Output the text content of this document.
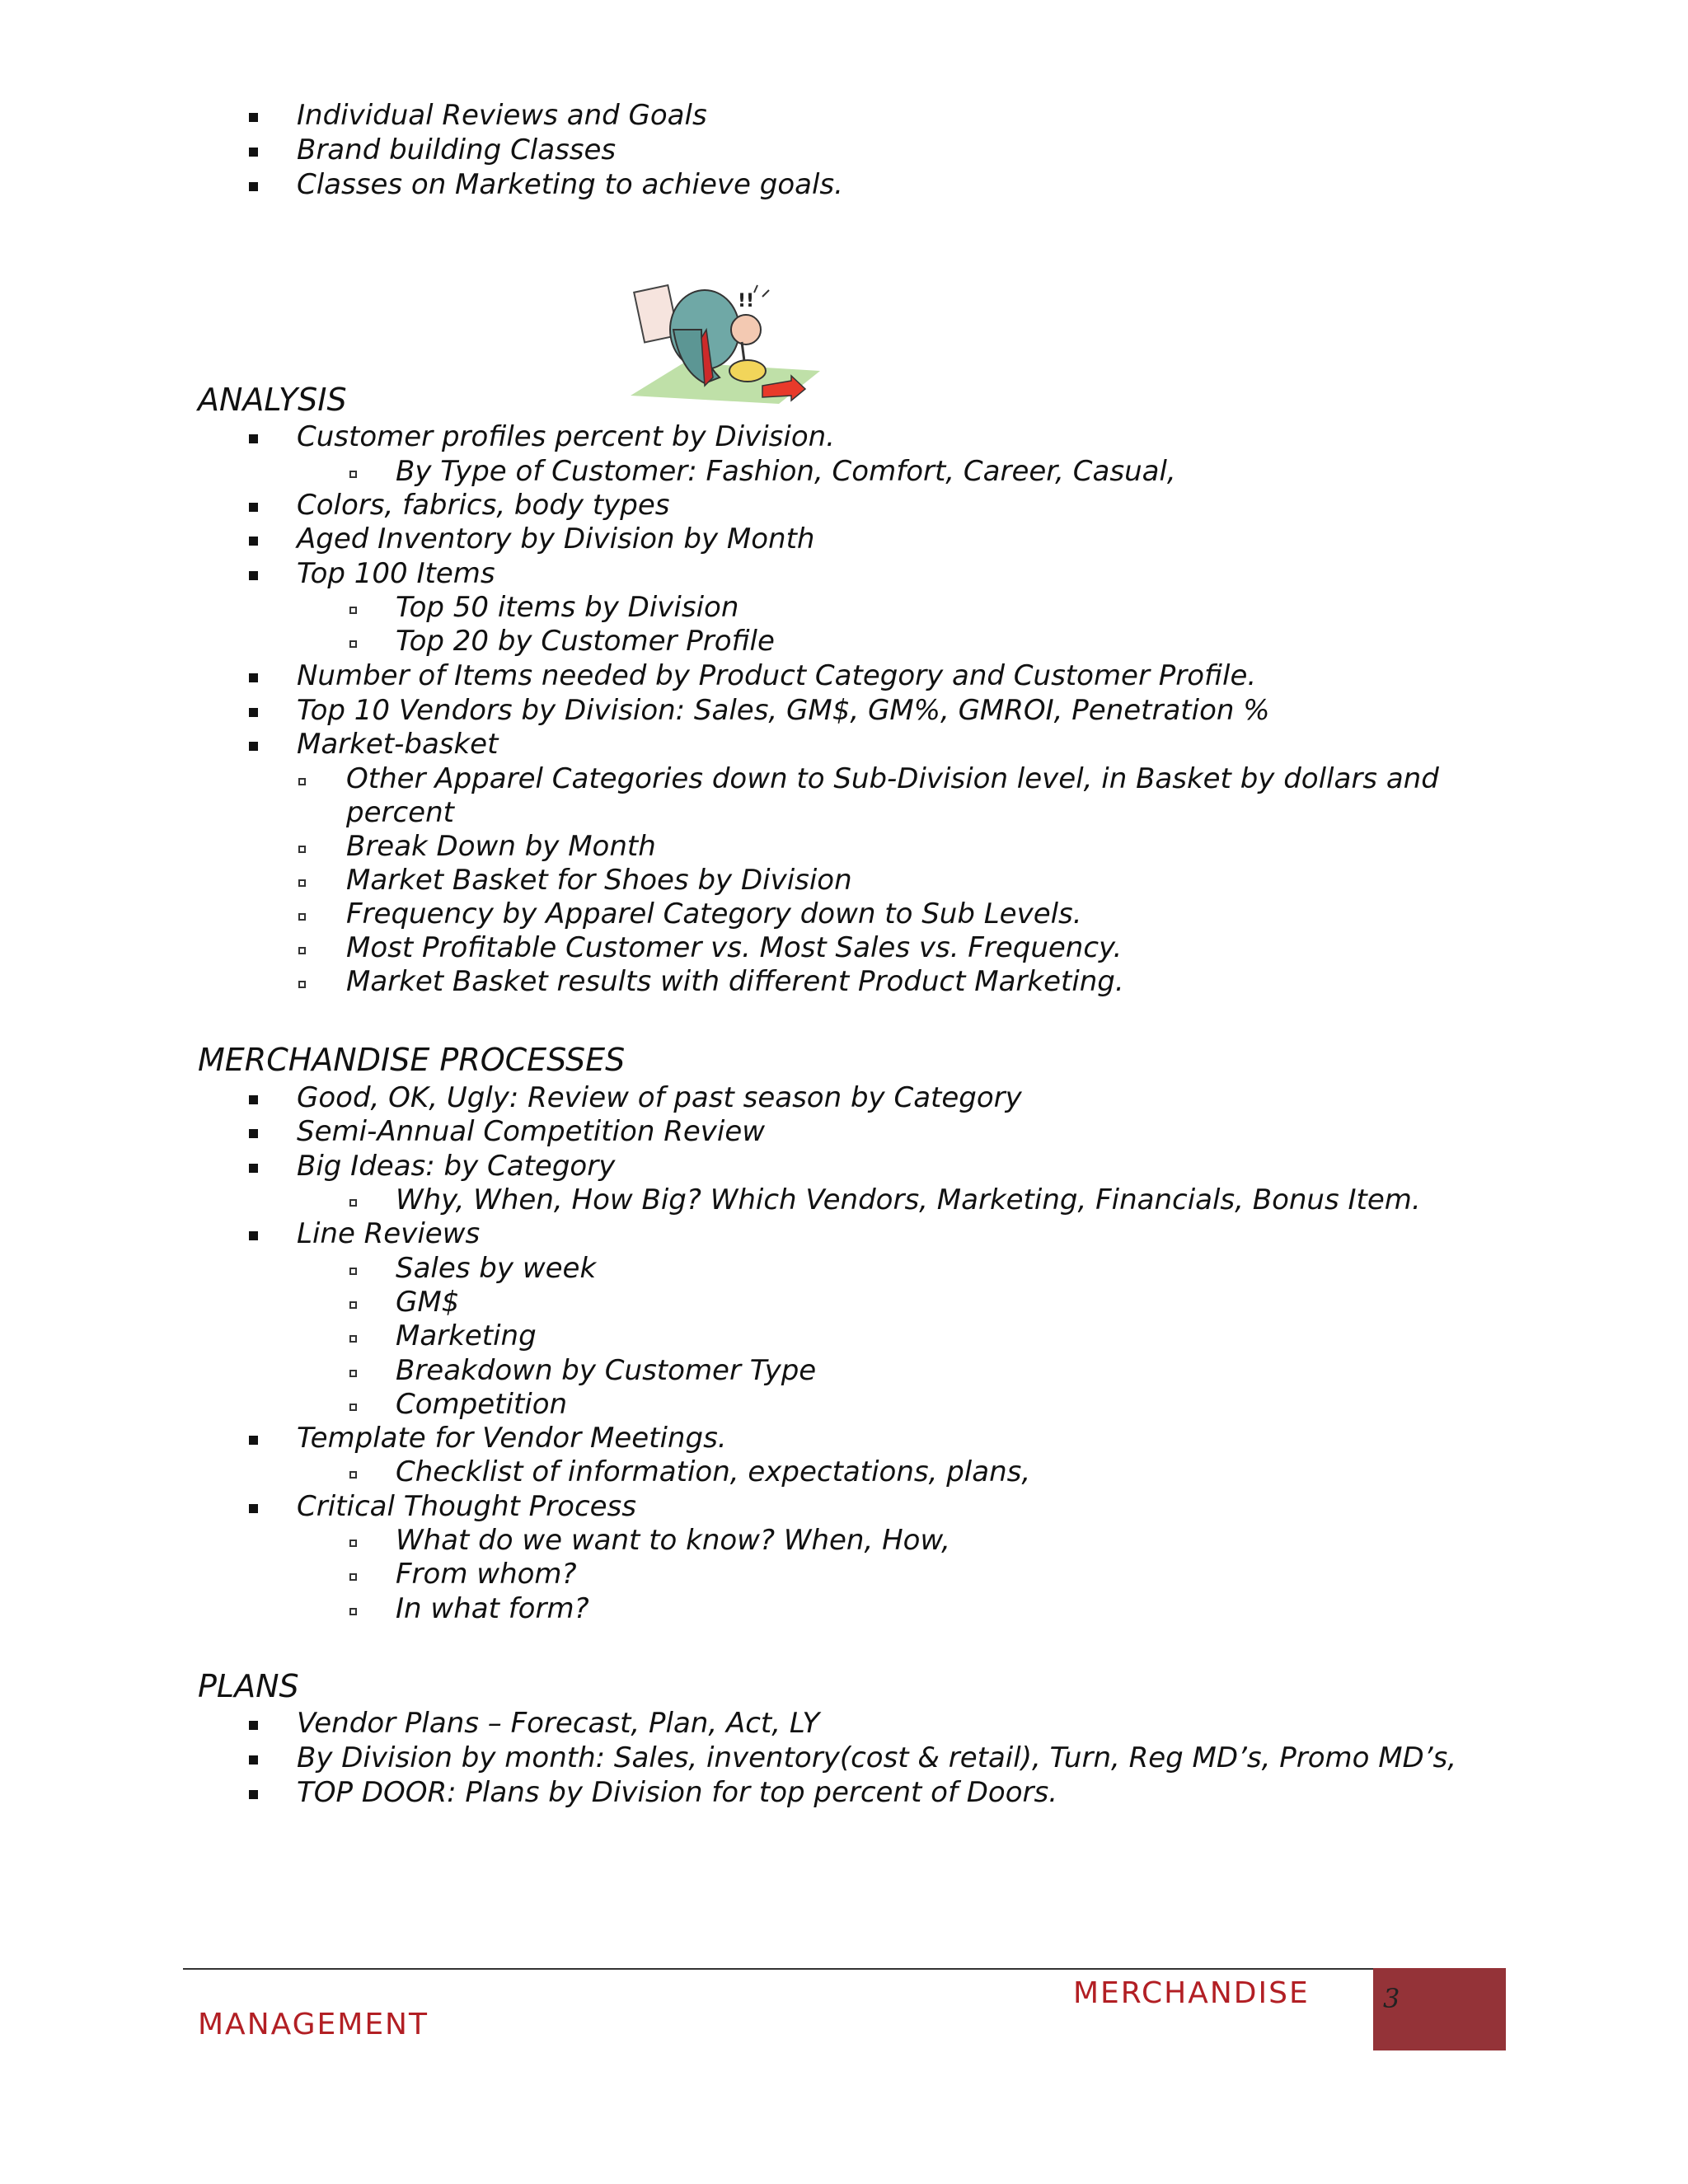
Individual Reviews and Goals
Brand building Classes
Classes on Marketing to achieve goals.
!!
ANALYSIS
Customer profiles percent by Division.
By Type of Customer: Fashion, Comfort, Career, Casual,
Colors, fabrics, body types
Aged Inventory by Division by Month
Top 100 Items
Top 50 items by Division
Top 20 by Customer Profile
Number of Items needed by Product Category and Customer Profile.
Top 10 Vendors by Division: Sales, GM$, GM%, GMROI, Penetration %
Market-basket
Other Apparel Categories down to Sub-Division level, in Basket by dollars and
percent
Break Down by Month
Market Basket for Shoes by Division
Frequency by Apparel Category down to Sub Levels.
Most Profitable Customer vs. Most Sales vs. Frequency.
Market Basket results with different Product Marketing.
MERCHANDISE PROCESSES
Good, OK, Ugly: Review of past season by Category
Semi-Annual Competition Review
Big Ideas: by Category
Why, When, How Big? Which Vendors, Marketing, Financials, Bonus Item.
Line Reviews
Sales by week
GM$
Marketing
Breakdown by Customer Type
Competition
Template for Vendor Meetings.
Checklist of information, expectations, plans,
Critical Thought Process
What do we want to know? When, How,
From whom?
In what form?
PLANS
Vendor Plans – Forecast, Plan, Act, LY
By Division by month: Sales, inventory(cost & retail), Turn, Reg MD’s, Promo MD’s,
TOP DOOR: Plans by Division for top percent of Doors.
MERCHANDISE
MANAGEMENT
3
